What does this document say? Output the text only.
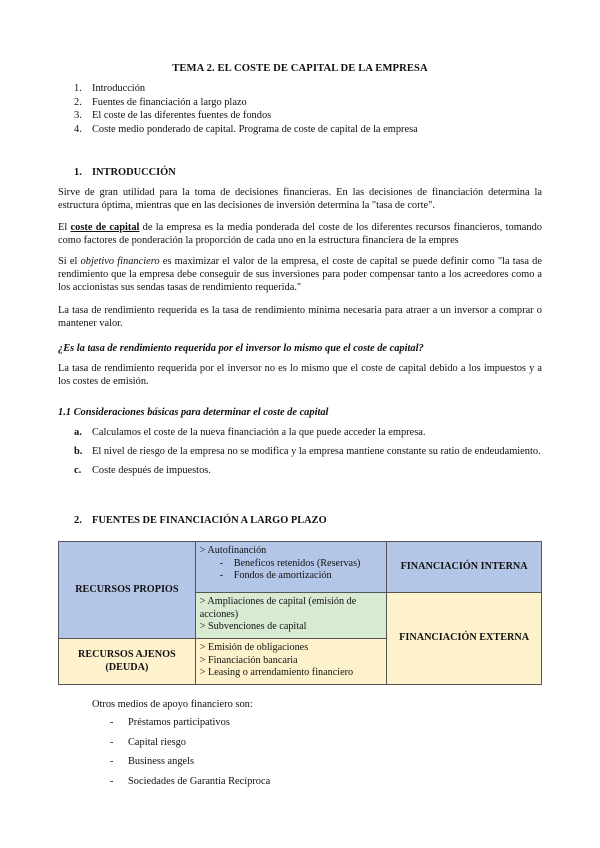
TEMA 2. EL COSTE DE CAPITAL DE LA EMPRESA
1. Introducción
2. Fuentes de financiación a largo plazo
3. El coste de las diferentes fuentes de fondos
4. Coste medio ponderado de capital. Programa de coste de capital de la empresa
1. INTRODUCCIÓN
Sirve de gran utilidad para la toma de decisiones financieras. En las decisiones de financiación determina la estructura óptima, mientras que en las decisiones de inversión determina la "tasa de corte".
El coste de capital de la empresa es la media ponderada del coste de los diferentes recursos financieros, tomando como factores de ponderación la proporción de cada uno en la estructura financiera de la empres
Si el objetivo financiero es maximizar el valor de la empresa, el coste de capital se puede definir como "la tasa de rendimiento que la empresa debe conseguir de sus inversiones para poder compensar tanto a los acreedores como a los accionistas sus sendas tasas de rendimiento requerida."
La tasa de rendimiento requerida es la tasa de rendimiento mínima necesaria para atraer a un inversor a comprar o mantener valor.
¿Es la tasa de rendimiento requerida por el inversor lo mismo que el coste de capital?
La tasa de rendimiento requerida por el inversor no es lo mismo que el coste de capital debido a los impuestos y a los costes de emisión.
1.1 Consideraciones básicas para determinar el coste de capital
a. Calculamos el coste de la nueva financiación a la que puede acceder la empresa.
b. El nivel de riesgo de la empresa no se modifica y la empresa mantiene constante su ratio de endeudamiento.
c. Coste después de impuestos.
2. FUENTES DE FINANCIACIÓN A LARGO PLAZO
RECURSOS PROPIOS	> Autofinanción
- Beneficos retenidos (Reservas)
- Fondos de amortización	FINANCIACIÓN INTERNA

	> Ampliaciones de capital (emisión de acciones)
> Subvenciones de capital	FINANCIACIÓN EXTERNA
RECURSOS AJENOS (DEUDA)	> Emisión de obligaciones
> Financiación bancaria
> Leasing o arrendamiento financiero	
Otros medios de apoyo financiero son:
- Préstamos participativos
- Capital riesgo
- Business angels
- Sociedades de Garantía Recíproca
